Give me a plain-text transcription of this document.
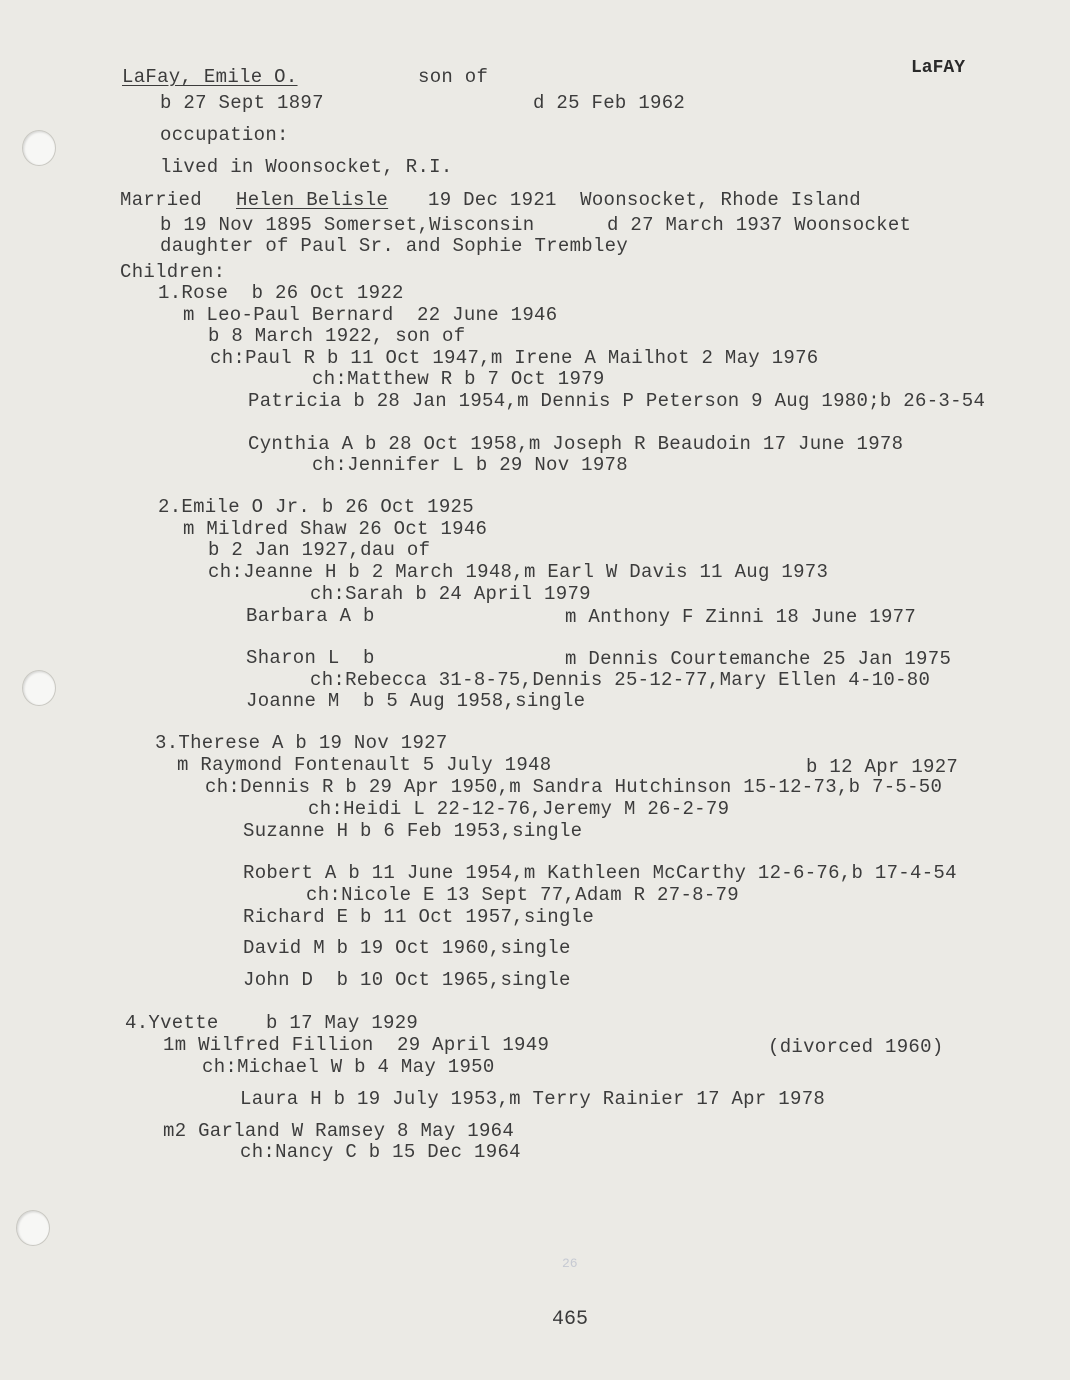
LaFAY
LaFay, Emile O.	son of
b 27 Sept 1897	d 25 Feb 1962
occupation:
lived in Woonsocket, R.I.
Married Helen Belisle 19 Dec 1921  Woonsocket, Rhode Island
b 19 Nov 1895 Somerset,Wisconsin	d 27 March 1937 Woonsocket
daughter of Paul Sr. and Sophie Trembley
Children:
1.Rose  b 26 Oct 1922
m Leo-Paul Bernard  22 June 1946
b 8 March 1922, son of
ch:Paul R b 11 Oct 1947,m Irene A Mailhot 2 May 1976
ch:Matthew R b 7 Oct 1979
Patricia b 28 Jan 1954,m Dennis P Peterson 9 Aug 1980;b 26-3-54
Cynthia A b 28 Oct 1958,m Joseph R Beaudoin 17 June 1978
ch:Jennifer L b 29 Nov 1978
2.Emile O Jr. b 26 Oct 1925
m Mildred Shaw 26 Oct 1946
b 2 Jan 1927,dau of
ch:Jeanne H b 2 March 1948,m Earl W Davis 11 Aug 1973
ch:Sarah b 24 April 1979
Barbara A b	m Anthony F Zinni 18 June 1977
Sharon L  b	m Dennis Courtemanche 25 Jan 1975
ch:Rebecca 31-8-75,Dennis 25-12-77,Mary Ellen 4-10-80
Joanne M  b 5 Aug 1958,single
3.Therese A b 19 Nov 1927
m Raymond Fontenault 5 July 1948	b 12 Apr 1927
ch:Dennis R b 29 Apr 1950,m Sandra Hutchinson 15-12-73,b 7-5-50
ch:Heidi L 22-12-76,Jeremy M 26-2-79
Suzanne H b 6 Feb 1953,single
Robert A b 11 June 1954,m Kathleen McCarthy 12-6-76,b 17-4-54
ch:Nicole E 13 Sept 77,Adam R 27-8-79
Richard E b 11 Oct 1957,single
David M b 19 Oct 1960,single
John D  b 10 Oct 1965,single
4.Yvette b 17 May 1929
1m Wilfred Fillion  29 April 1949	(divorced 1960)
ch:Michael W b 4 May 1950
Laura H b 19 July 1953,m Terry Rainier 17 Apr 1978
m2 Garland W Ramsey 8 May 1964
ch:Nancy C b 15 Dec 1964
26
465
